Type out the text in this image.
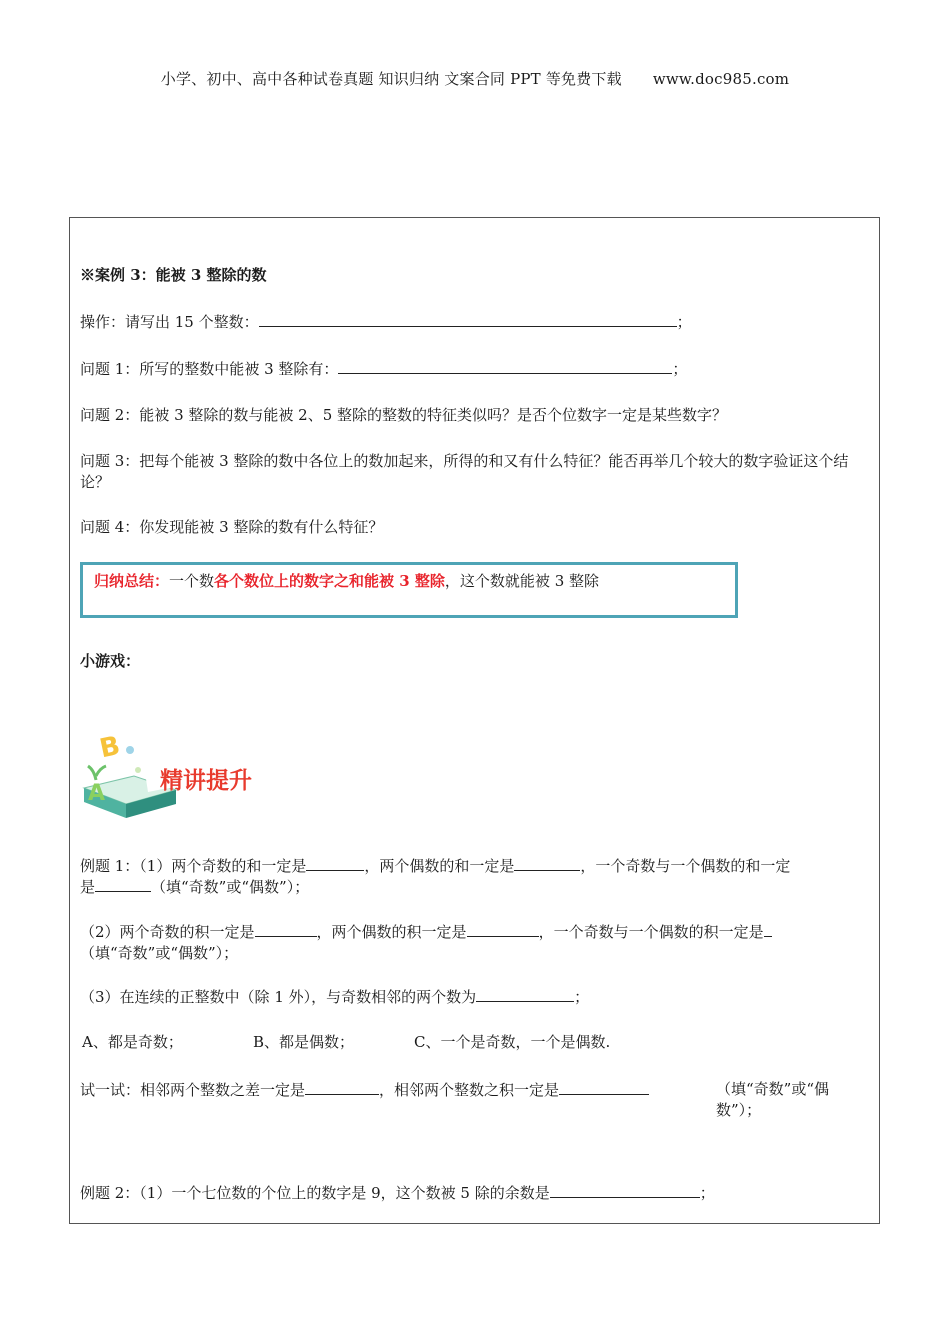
小学、初中、高中各种试卷真题 知识归纳 文案合同 PPT 等免费下载 www.doc985.com
※案例 3：能被 3 整除的数
操作：请写出 15 个整数：	；
问题 1：所写的整数中能被 3 整除有：	；
问题 2：能被 3 整除的数与能被 2、5 整除的整数的特征类似吗？是否个位数字一定是某些数字？
问题 3：把每个能被 3 整除的数中各位上的数加起来，所得的和又有什么特征？能否再举几个较大的数字验证这个结论？
问题 4：你发现能被 3 整除的数有什么特征？
归纳总结：一个数各个数位上的数字之和能被 3 整除，这个数就能被 3 整除
小游戏：
B
A 精讲提升
例题 1：（1）两个奇数的和一定是	，两个偶数的和一定是	，一个奇数与一个偶数的和一定
是	（填“奇数”或“偶数”）；
（2）两个奇数的积一定是	，两个偶数的积一定是	，一个奇数与一个偶数的积一定是
（填“奇数”或“偶数”）；
（3）在连续的正整数中（除 1 外），与奇数相邻的两个数为	；
A、都是奇数；	B、都是偶数；	C、一个是奇数，一个是偶数.
试一试：相邻两个整数之差一定是	，相邻两个整数之积一定是	（填“奇数”或“偶数”）；
例题 2：（1）一个七位数的个位上的数字是 9，这个数被 5 除的余数是	；
